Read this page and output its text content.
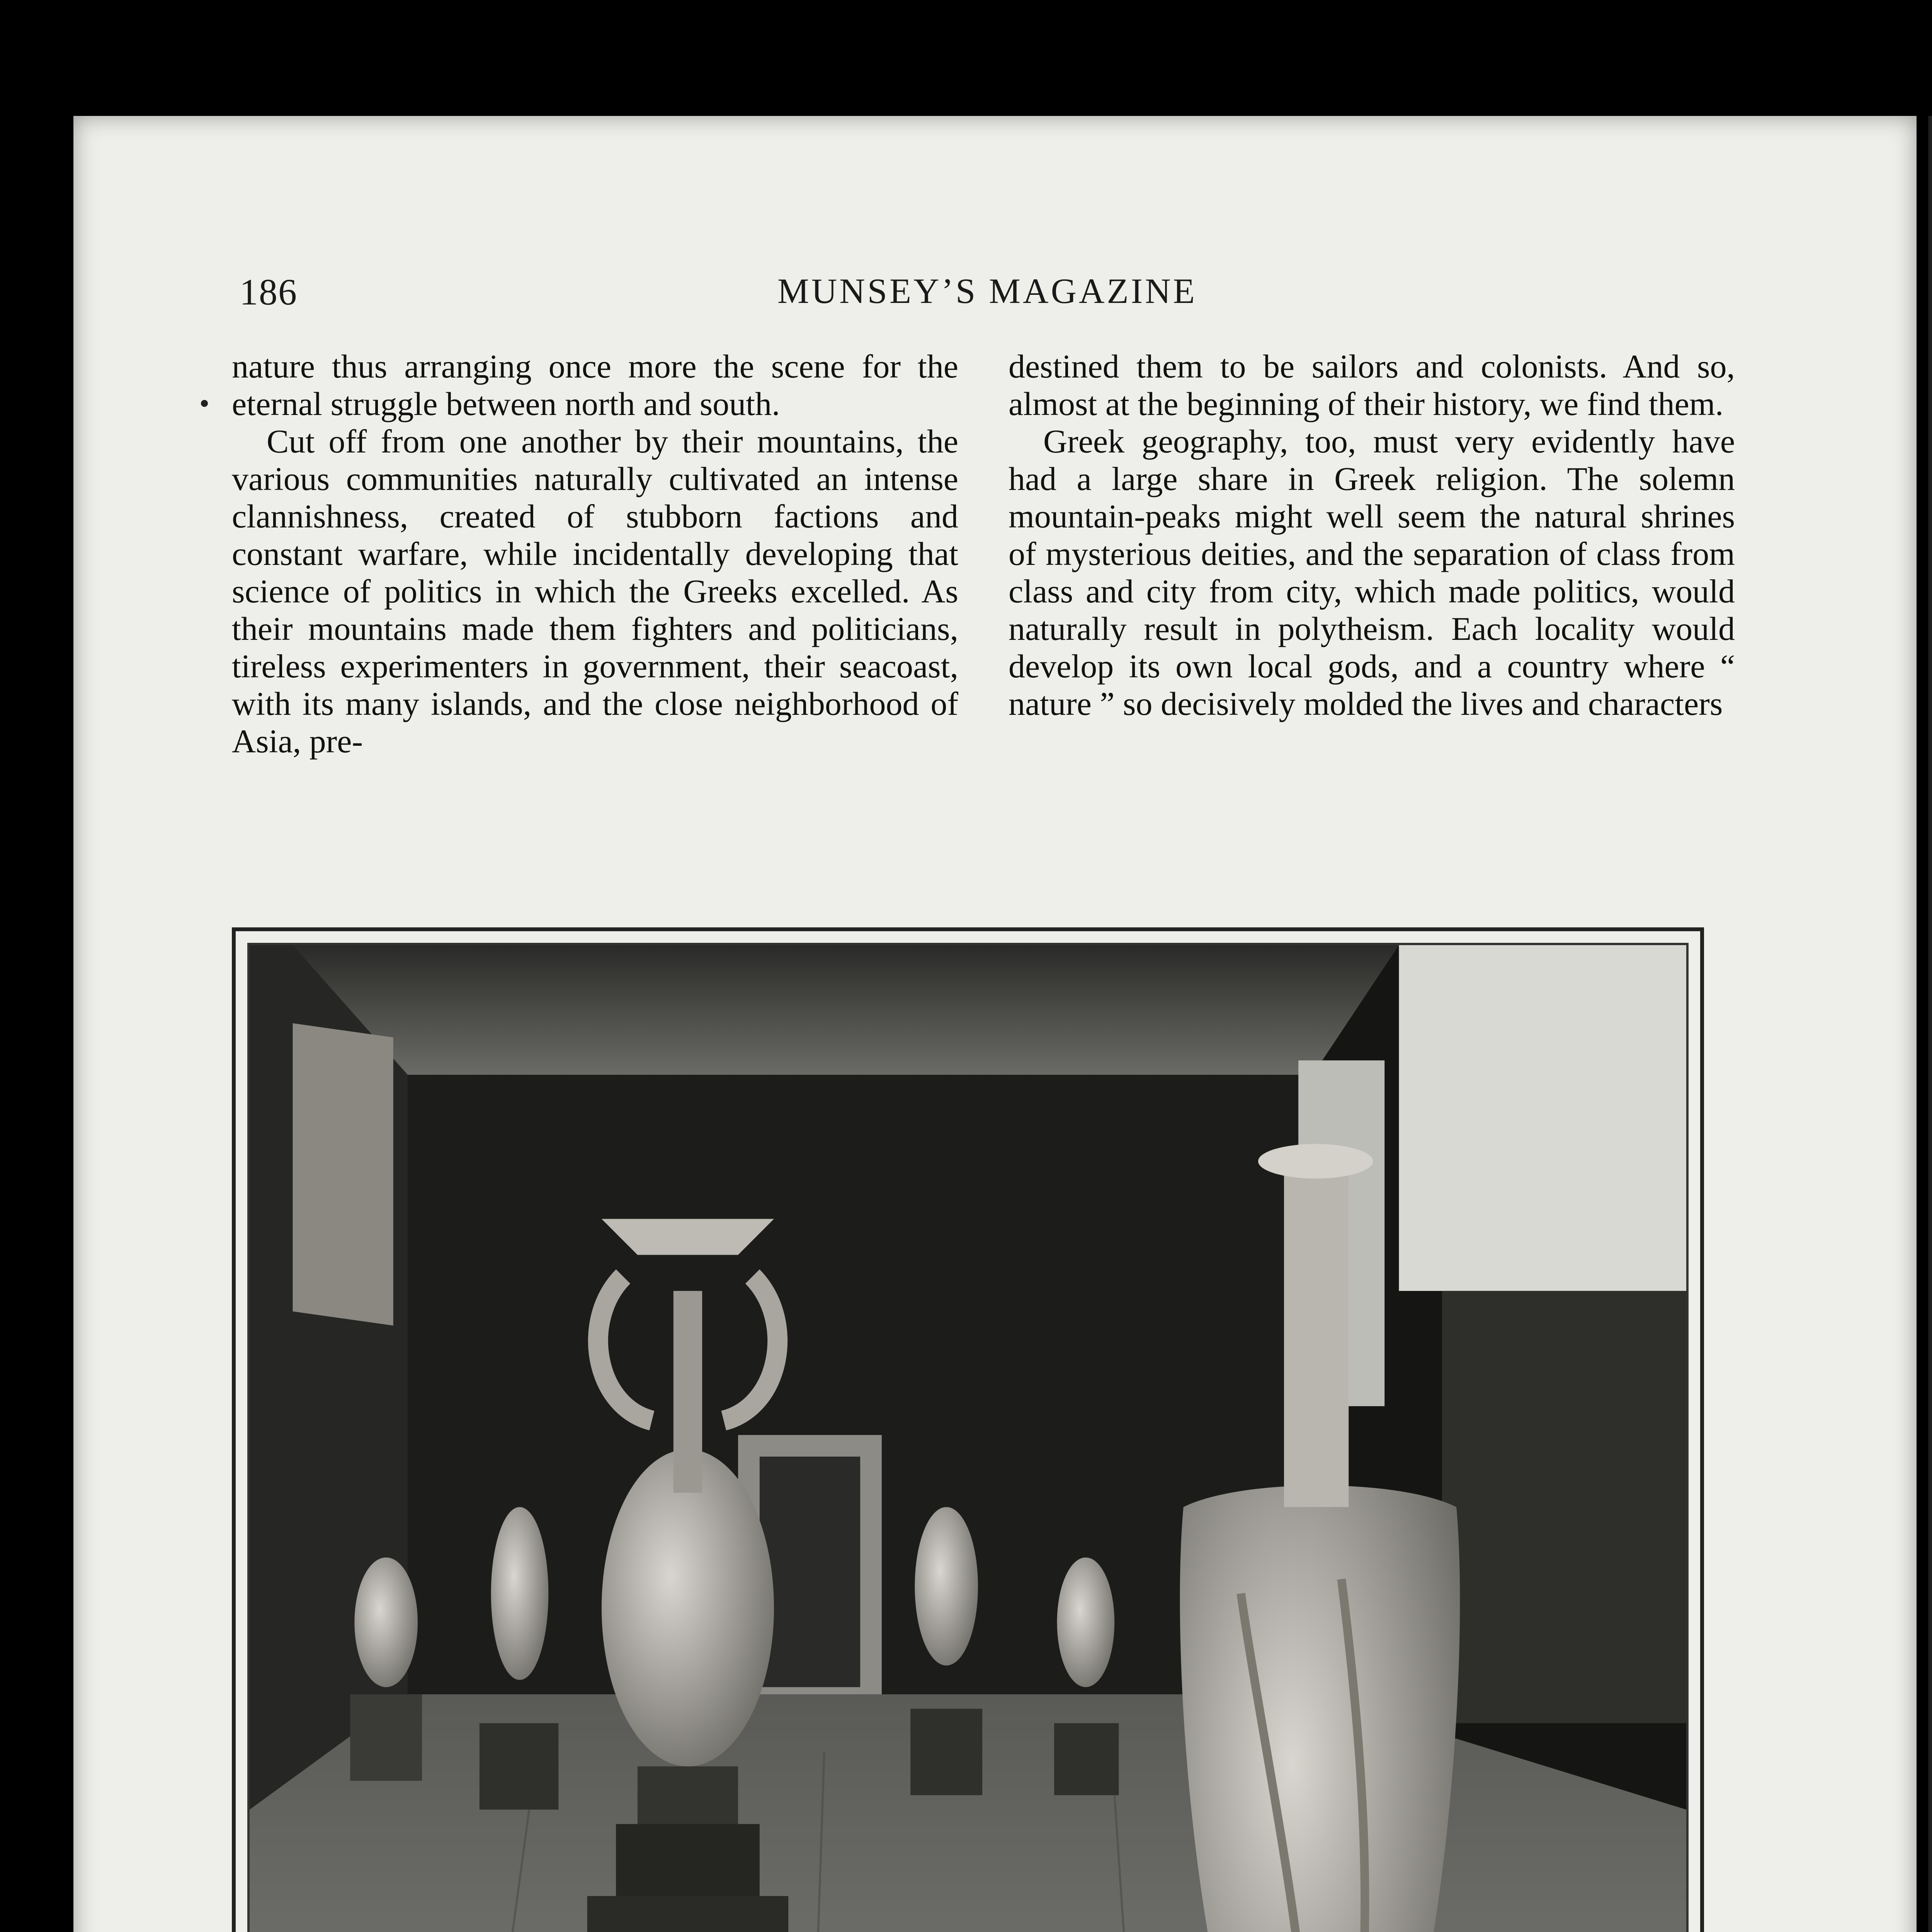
186	MUNSEY’S MAGAZINE

nature thus arranging once more the scene for the eternal struggle between north and south.

Cut off from one another by their mountains, the various communities naturally cultivated an intense clannishness, created of stubborn factions and constant warfare, while incidentally developing that science of politics in which the Greeks excelled. As their mountains made them fighters and politicians, tireless experimenters in government, their seacoast, with its many islands, and the close neighborhood of Asia, pre-

destined them to be sailors and colonists. And so, almost at the beginning of their history, we find them.

Greek geography, too, must very evidently have had a large share in Greek religion. The solemn mountain-peaks might well seem the natural shrines of mysterious deities, and the separation of class from class and city from city, which made politics, would naturally result in polytheism. Each locality would develop its own local gods, and a country where “ nature ” so decisively molded the lives and characters
